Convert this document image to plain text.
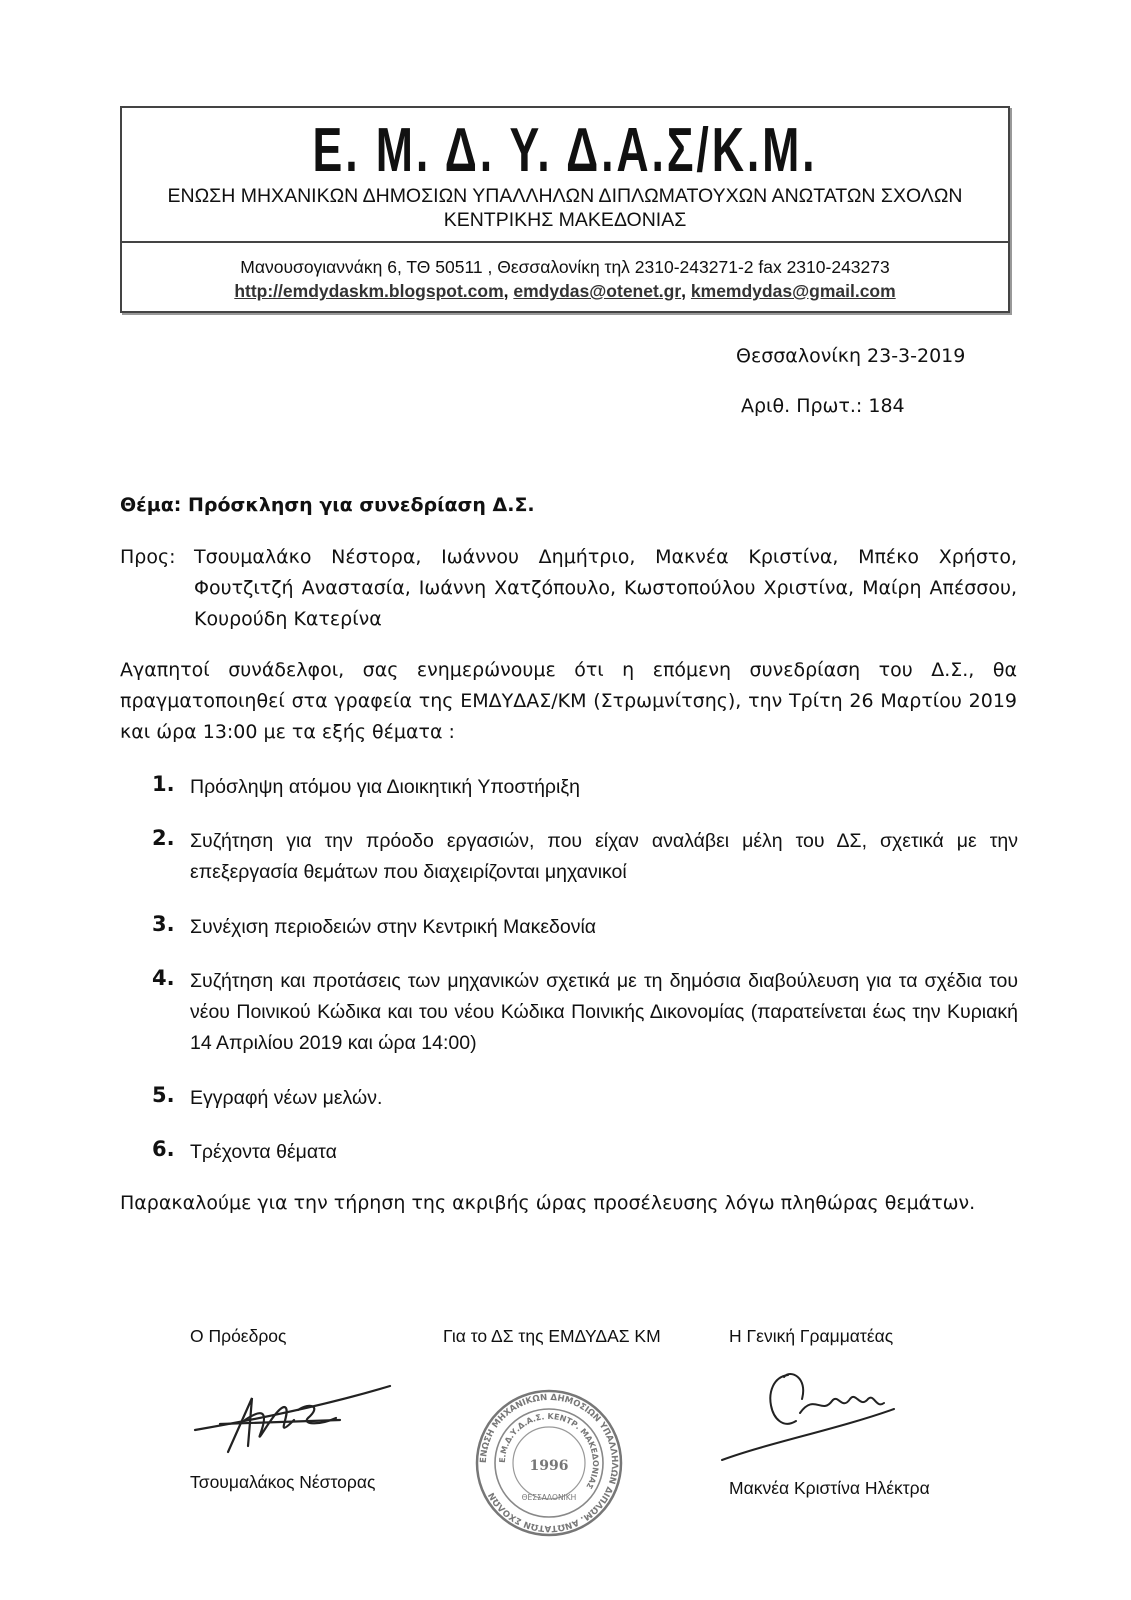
Ε. Μ. Δ. Υ. Δ.Α.Σ/Κ.Μ.
ΕΝΩΣΗ ΜΗΧΑΝΙΚΩΝ ΔΗΜΟΣΙΩΝ ΥΠΑΛΛΗΛΩΝ ΔΙΠΛΩΜΑΤΟΥΧΩΝ ΑΝΩΤΑΤΩΝ ΣΧΟΛΩΝ
ΚΕΝΤΡΙΚΗΣ ΜΑΚΕΔΟΝΙΑΣ
Μανουσογιαννάκη 6, ΤΘ 50511 , Θεσσαλονίκη τηλ 2310-243271-2 fax 2310-243273
http://emdydaskm.blogspot.com, emdydas@otenet.gr, kmemdydas@gmail.com
Θεσσαλονίκη 23-3-2019
Αριθ. Πρωτ.: 184
Θέμα: Πρόσκληση για συνεδρίαση Δ.Σ.
Προς: Τσουμαλάκο Νέστορα, Ιωάννου Δημήτριο, Μακνέα Κριστίνα, Μπέκο Χρήστο, Φουτζιτζή Αναστασία, Ιωάννη Χατζόπουλο, Κωστοπούλου Χριστίνα, Μαίρη Απέσσου, Κουρούδη Κατερίνα
Αγαπητοί συνάδελφοι, σας ενημερώνουμε ότι η επόμενη συνεδρίαση του Δ.Σ., θα πραγματοποιηθεί στα γραφεία της ΕΜΔΥΔΑΣ/ΚΜ (Στρωμνίτσης), την Τρίτη 26 Μαρτίου 2019 και ώρα 13:00 με τα εξής θέματα :
1. Πρόσληψη ατόμου για Διοικητική Υποστήριξη
2. Συζήτηση για την πρόοδο εργασιών, που είχαν αναλάβει μέλη του ΔΣ, σχετικά με την επεξεργασία θεμάτων που διαχειρίζονται μηχανικοί
3. Συνέχιση περιοδειών στην Κεντρική Μακεδονία
4. Συζήτηση και προτάσεις των μηχανικών σχετικά με τη δημόσια διαβούλευση για τα σχέδια του νέου Ποινικού Κώδικα και του νέου Κώδικα Ποινικής Δικονομίας (παρατείνεται έως την Κυριακή 14 Απριλίου 2019 και ώρα 14:00)
5. Εγγραφή νέων μελών.
6. Τρέχοντα θέματα
Παρακαλούμε για την τήρηση της ακριβής ώρας προσέλευσης λόγω πληθώρας θεμάτων.
Ο Πρόεδρος	Για το ΔΣ της ΕΜΔΥΔΑΣ ΚΜ	Η Γενική Γραμματέας
ΕΝΩΣΗ ΜΗΧΑΝΙΚΩΝ ΔΗΜΟΣΙΩΝ ΥΠΑΛΛΗΛΩΝ ΔΙΠΛΩΜ. ΑΝΩΤΑΤΩΝ ΣΧΟΛΩΝ
Ε.Μ.Δ.Υ.Δ.Α.Σ. ΚΕΝΤΡ. ΜΑΚΕΔΟΝΙΑΣ
1996
ΘΕΣΣΑΛΟΝΙΚΗ
Τσουμαλάκος Νέστορας	Μακνέα Κριστίνα Ηλέκτρα
